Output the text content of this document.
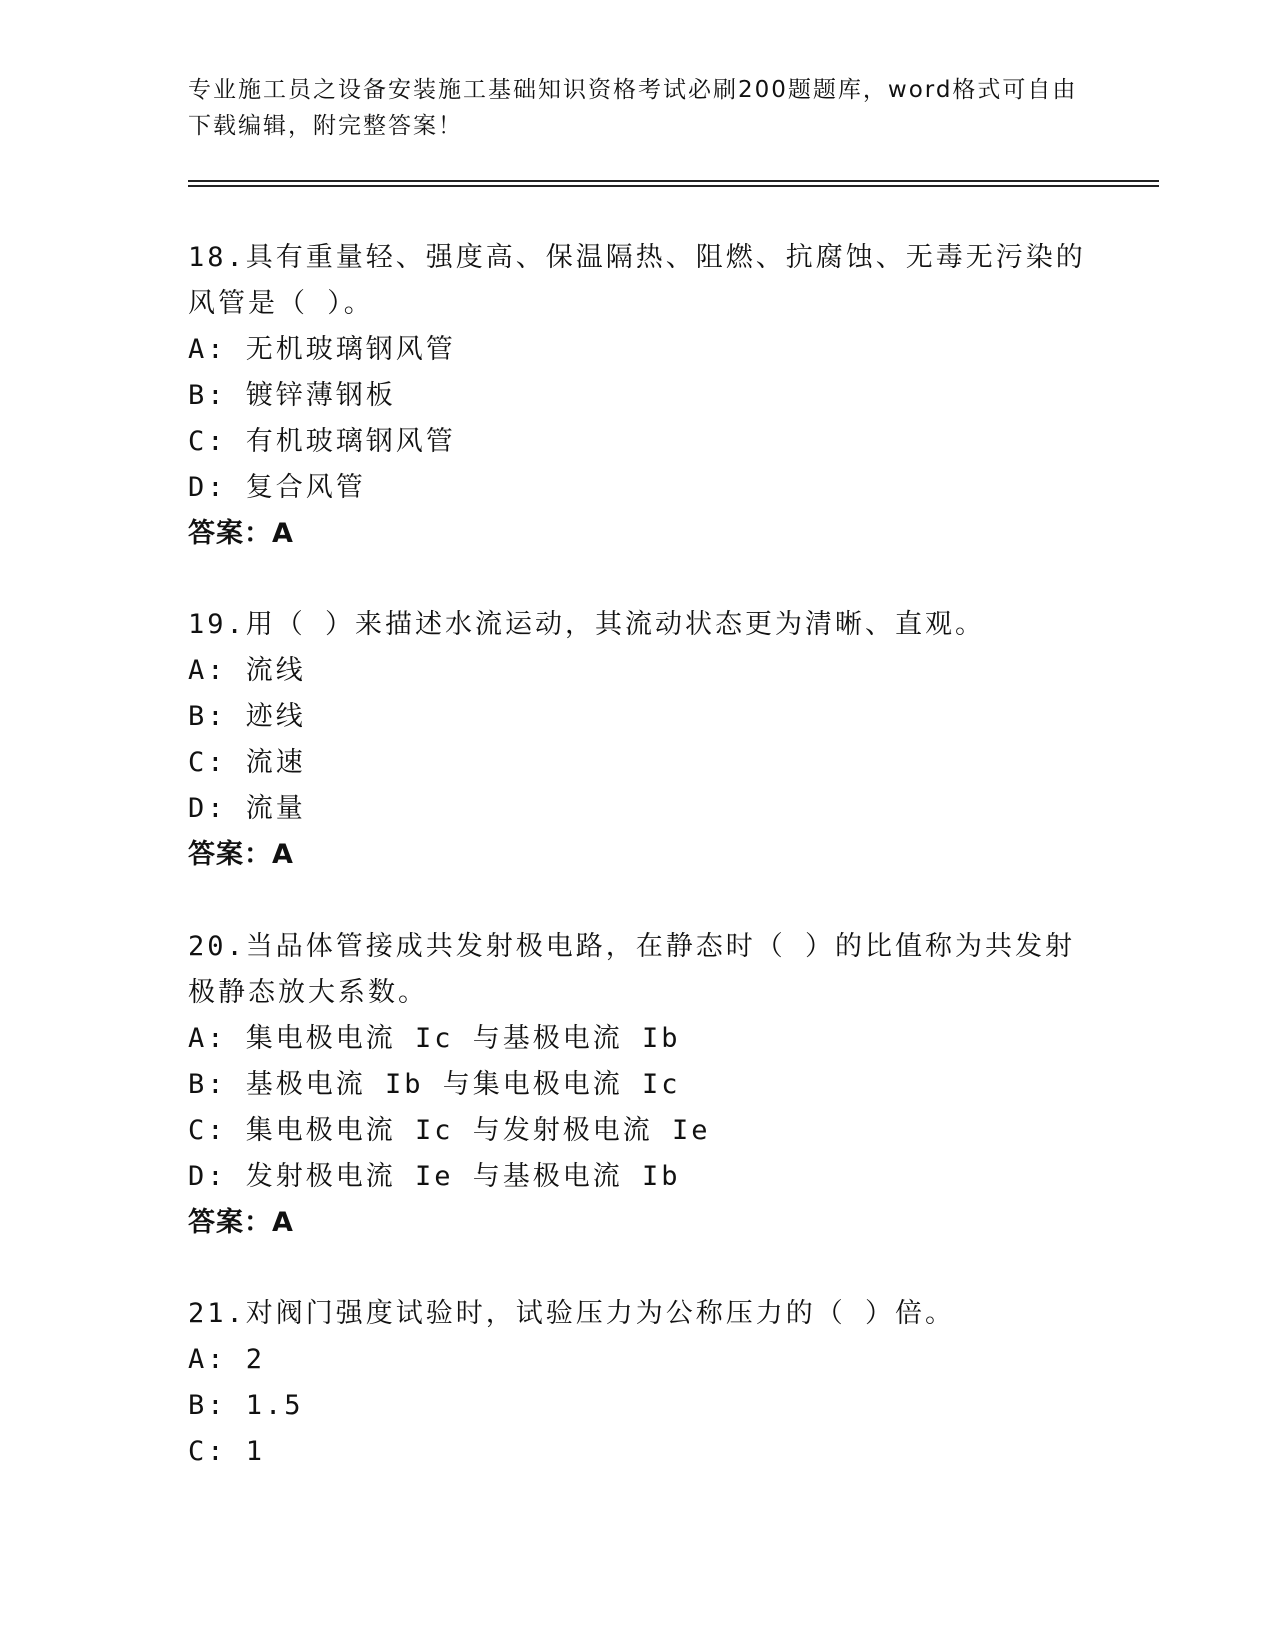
专业施工员之设备安装施工基础知识资格考试必刷200题题库，word格式可自由下载编辑，附完整答案！
18.具有重量轻、强度高、保温隔热、阻燃、抗腐蚀、无毒无污染的风管是（ ）。
A: 无机玻璃钢风管
B: 镀锌薄钢板
C: 有机玻璃钢风管
D: 复合风管
答案：A
19.用（ ）来描述水流运动，其流动状态更为清晰、直观。
A: 流线
B: 迹线
C: 流速
D: 流量
答案：A
20.当品体管接成共发射极电路，在静态时（ ）的比值称为共发射极静态放大系数。
A: 集电极电流 Ic 与基极电流 Ib
B: 基极电流 Ib 与集电极电流 Ic
C: 集电极电流 Ic 与发射极电流 Ie
D: 发射极电流 Ie 与基极电流 Ib
答案：A
21.对阀门强度试验时，试验压力为公称压力的（ ）倍。
A: 2
B: 1.5
C: 1
